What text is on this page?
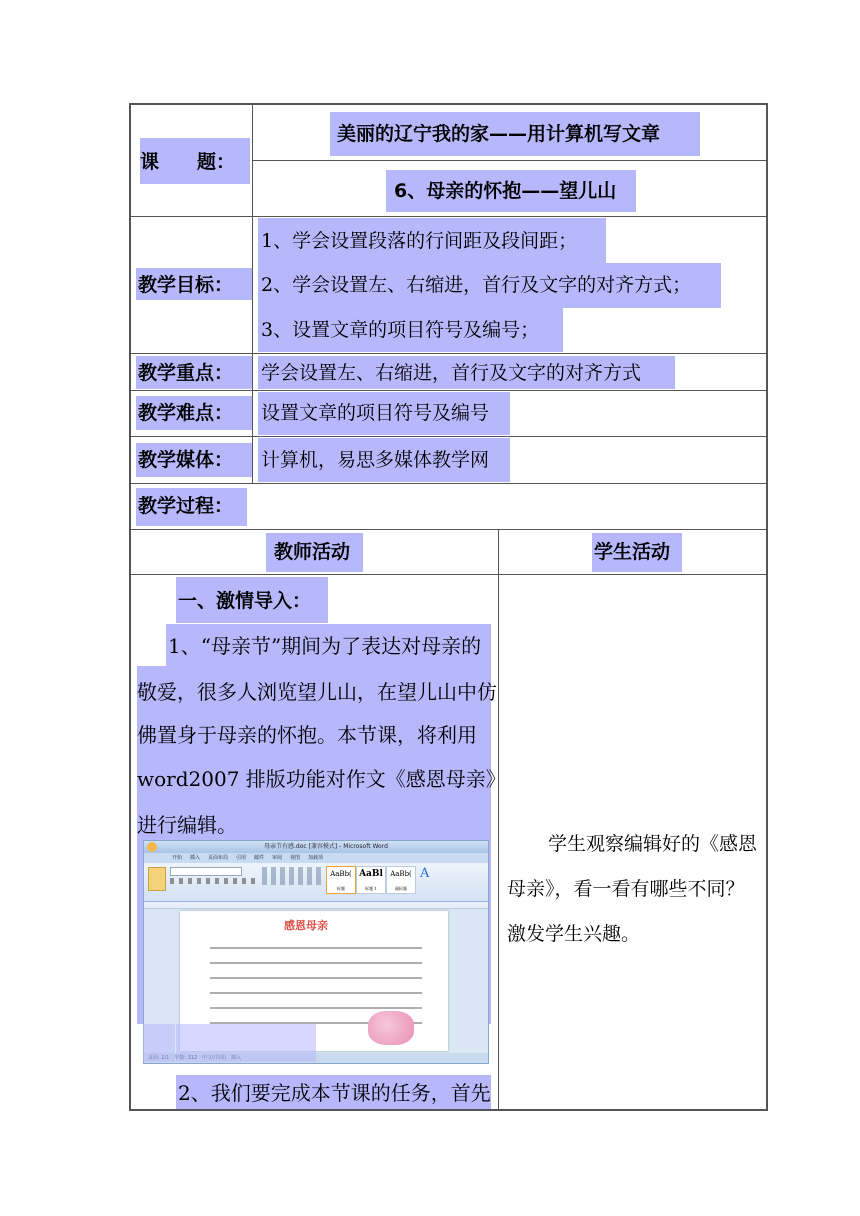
课　　题：
美丽的辽宁我的家——用计算机写文章
6、母亲的怀抱——望儿山
教学目标：
1、学会设置段落的行间距及段间距；
2、学会设置左、右缩进，首行及文字的对齐方式；
3、设置文章的项目符号及编号；
教学重点： 学会设置左、右缩进，首行及文字的对齐方式
教学难点： 设置文章的项目符号及编号
教学媒体： 计算机，易思多媒体教学网
教学过程：
教师活动	学生活动
一、激情导入：
1、“母亲节”期间为了表达对母亲的
敬爱，很多人浏览望儿山，在望儿山中仿
佛置身于母亲的怀抱。本节课，将利用
word2007 排版功能对作文《感恩母亲》
进行编辑。
母亲节有感.doc [兼容模式] - Microsoft Word
开始 插入 页面布局 引用 邮件 审阅 视图 加载项
AaBb(
标题
AaBl
标题 1
AaBb(
副标题
A
感恩母亲
2、我们要完成本节课的任务，首先
学生观察编辑好的《感恩
母亲》，看一看有哪些不同？
激发学生兴趣。
